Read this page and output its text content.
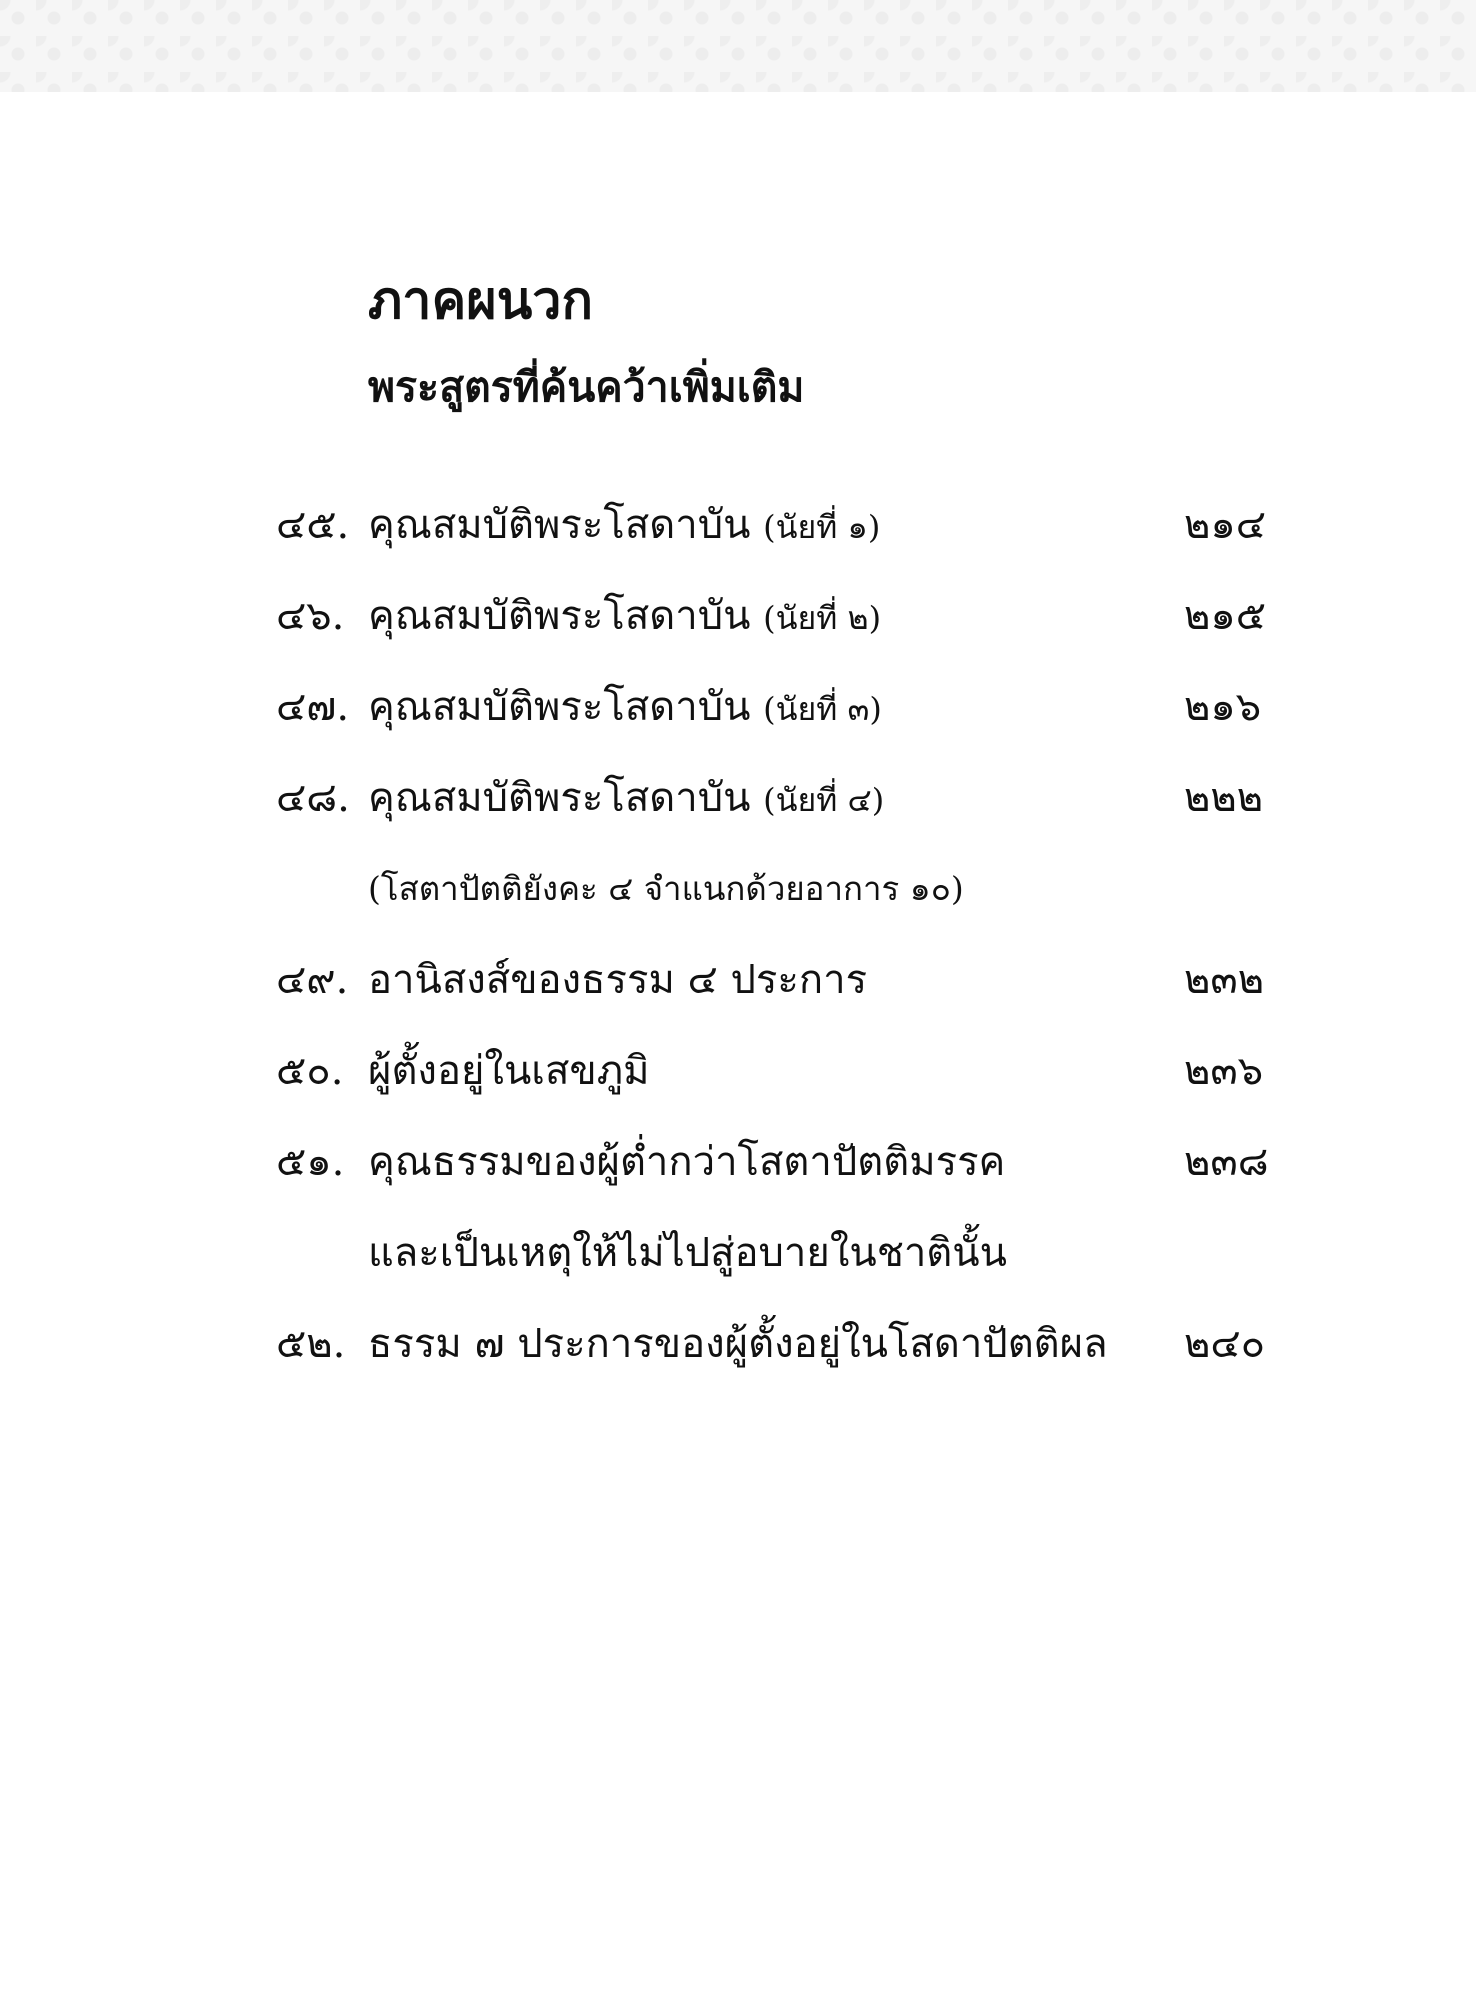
ภาคผนวก
พระสูตรที่ค้นคว้าเพิ่มเติม
๔๕. คุณสมบัติพระโสดาบัน (นัยที่ ๑)	๒๑๔
๔๖. คุณสมบัติพระโสดาบัน (นัยที่ ๒)	๒๑๕
๔๗. คุณสมบัติพระโสดาบัน (นัยที่ ๓)	๒๑๖
๔๘. คุณสมบัติพระโสดาบัน (นัยที่ ๔)	๒๒๒
(โสตาปัตติยังคะ ๔ จำแนกด้วยอาการ ๑๐)
๔๙. อานิสงส์ของธรรม ๔ ประการ	๒๓๒
๕๐. ผู้ตั้งอยู่ในเสขภูมิ	๒๓๖
๕๑. คุณธรรมของผู้ต่ำกว่าโสตาปัตติมรรค	๒๓๘
และเป็นเหตุให้ไม่ไปสู่อบายในชาตินั้น
๕๒. ธรรม ๗ ประการของผู้ตั้งอยู่ในโสดาปัตติผล ๒๔๐
